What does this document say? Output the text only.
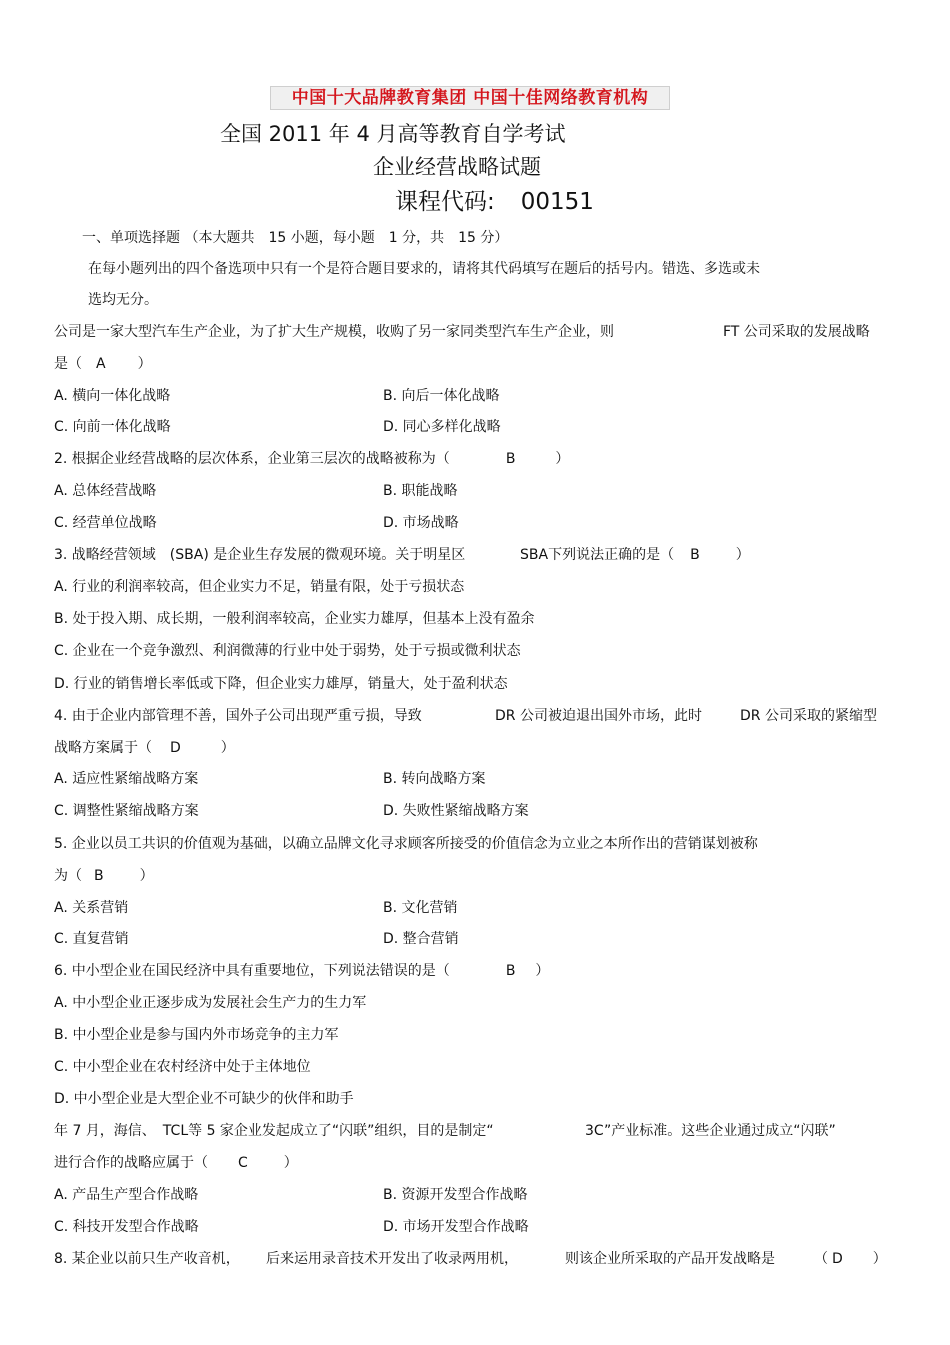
中国十大品牌教育集团 中国十佳网络教育机构
全国 2011 年 4 月高等教育自学考试
企业经营战略试题
课程代码: 00151
一、单项选择题 （本大题共　15 小题，每小题　1 分，共　15 分）
在每小题列出的四个备选项中只有一个是符合题目要求的，请将其代码填写在题后的括号内。错选、多选或未
选均无分。
公司是一家大型汽车生产企业，为了扩大生产规模，收购了另一家同类型汽车生产企业，则	FT 公司采取的发展战略
是（ A ）
A. 横向一体化战略	B. 向后一体化战略
C. 向前一体化战略	D. 同心多样化战略
2. 根据企业经营战略的层次体系，企业第三层次的战略被称为（	B	）
A. 总体经营战略	B. 职能战略
C. 经营单位战略	D. 市场战略
3. 战略经营领域　(SBA) 是企业生存发展的微观环境。关于明星区	SBA下列说法正确的是（ B	）
A. 行业的利润率较高，但企业实力不足，销量有限，处于亏损状态
B. 处于投入期、成长期，一般利润率较高，企业实力雄厚，但基本上没有盈余
C. 企业在一个竞争激烈、利润微薄的行业中处于弱势，处于亏损或微利状态
D. 行业的销售增长率低或下降，但企业实力雄厚，销量大，处于盈利状态
4. 由于企业内部管理不善，国外子公司出现严重亏损，导致	DR 公司被迫退出国外市场，此时	DR 公司采取的紧缩型
战略方案属于（ D	）
A. 适应性紧缩战略方案	B. 转向战略方案
C. 调整性紧缩战略方案	D. 失败性紧缩战略方案
5. 企业以员工共识的价值观为基础，以确立品牌文化寻求顾客所接受的价值信念为立业之本所作出的营销谋划被称
为（ B	）
A. 关系营销	B. 文化营销
C. 直复营销	D. 整合营销
6. 中小型企业在国民经济中具有重要地位，下列说法错误的是（	B ）
A. 中小型企业正逐步成为发展社会生产力的生力军
B. 中小型企业是参与国内外市场竞争的主力军
C. 中小型企业在农村经济中处于主体地位
D. 中小型企业是大型企业不可缺少的伙伴和助手
年 7 月，海信、　TCL等 5 家企业发起成立了“闪联”组织，目的是制定“	3C”产业标准。这些企业通过成立“闪联”
进行合作的战略应属于（ C	）
A. 产品生产型合作战略	B. 资源开发型合作战略
C. 科技开发型合作战略	D. 市场开发型合作战略
8. 某企业以前只生产收音机， 后来运用录音技术开发出了收录两用机，	则该企业所采取的产品开发战略是	（ D ）
